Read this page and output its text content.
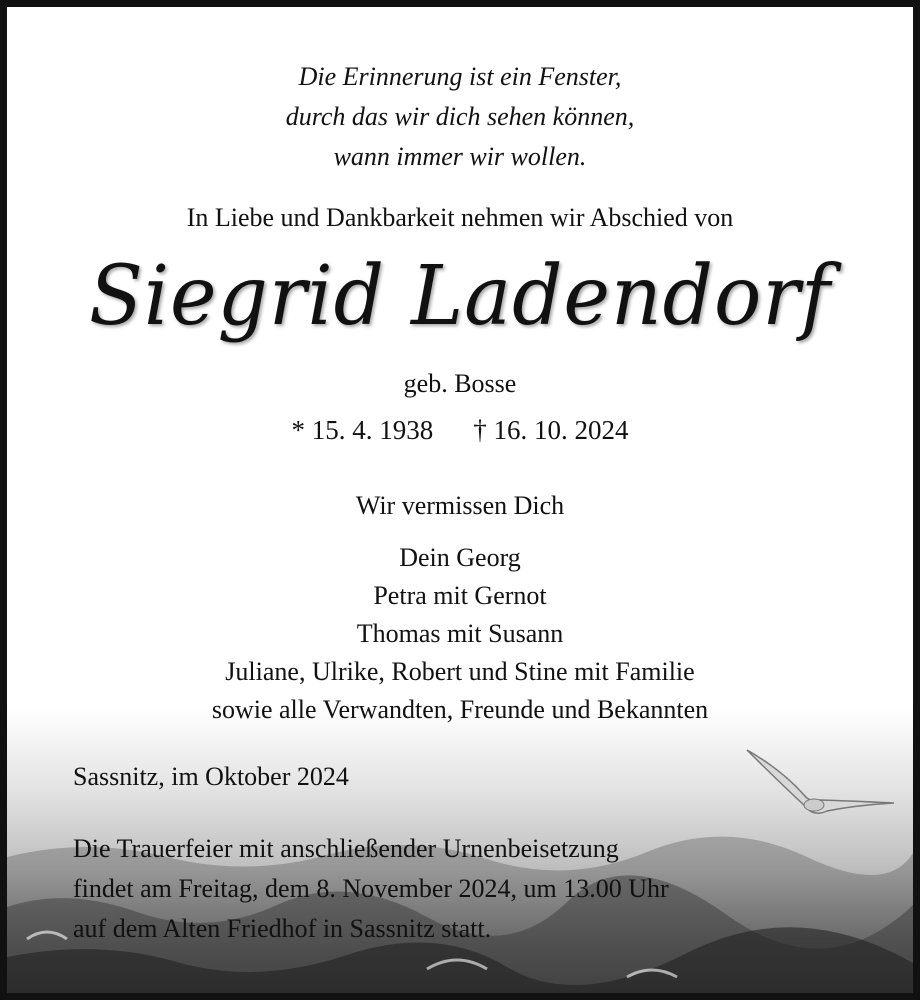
Die Erinnerung ist ein Fenster,
durch das wir dich sehen können,
wann immer wir wollen.
In Liebe und Dankbarkeit nehmen wir Abschied von
Siegrid Ladendorf
geb. Bosse
* 15. 4. 1938 † 16. 10. 2024
Wir vermissen Dich
Dein Georg
Petra mit Gernot
Thomas mit Susann
Juliane, Ulrike, Robert und Stine mit Familie
sowie alle Verwandten, Freunde und Bekannten
Sassnitz, im Oktober 2024
Die Trauerfeier mit anschließender Urnenbeisetzung
findet am Freitag, dem 8. November 2024, um 13.00 Uhr
auf dem Alten Friedhof in Sassnitz statt.
